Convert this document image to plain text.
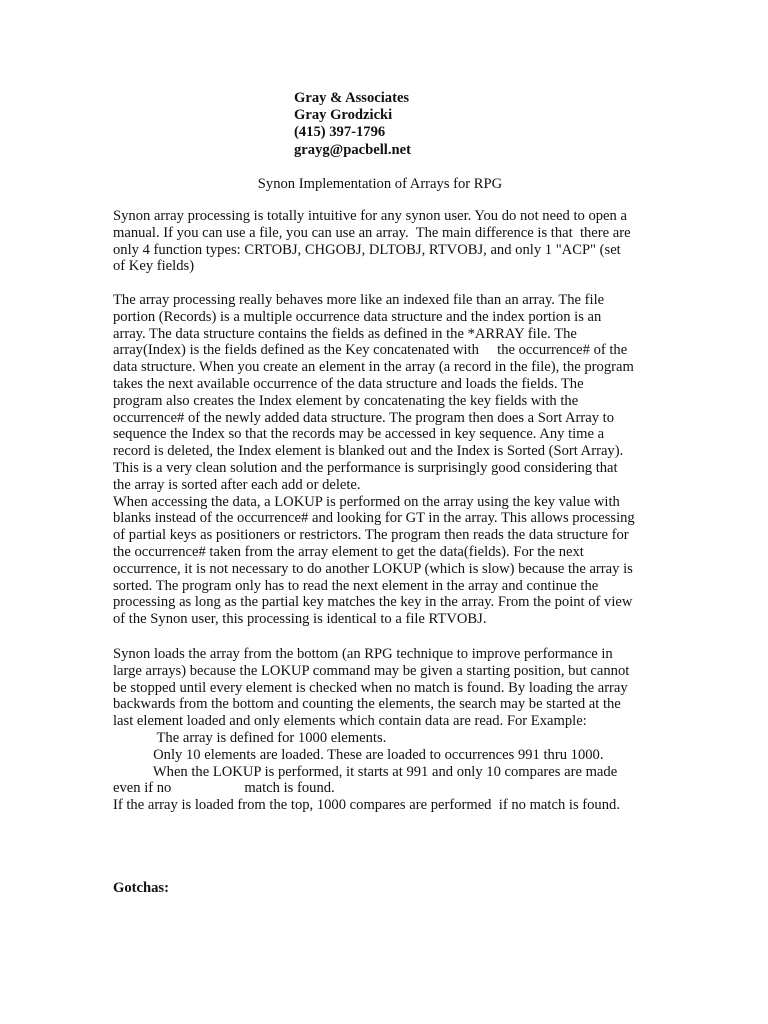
Gray & Associates
Gray Grodzicki
(415) 397-1796
grayg@pacbell.net
Synon Implementation of Arrays for RPG
Synon array processing is totally intuitive for any synon user. You do not need to open a
manual. If you can use a file, you can use an array.  The main difference is that  there are
only 4 function types: CRTOBJ, CHGOBJ, DLTOBJ, RTVOBJ, and only 1 "ACP" (set
of Key fields)
The array processing really behaves more like an indexed file than an array. The file
portion (Records) is a multiple occurrence data structure and the index portion is an
array. The data structure contains the fields as defined in the *ARRAY file. The
array(Index) is the fields defined as the Key concatenated with     the occurrence# of the
data structure. When you create an element in the array (a record in the file), the program
takes the next available occurrence of the data structure and loads the fields. The
program also creates the Index element by concatenating the key fields with the
occurrence# of the newly added data structure. The program then does a Sort Array to
sequence the Index so that the records may be accessed in key sequence. Any time a
record is deleted, the Index element is blanked out and the Index is Sorted (Sort Array).
This is a very clean solution and the performance is surprisingly good considering that
the array is sorted after each add or delete.
When accessing the data, a LOKUP is performed on the array using the key value with
blanks instead of the occurrence# and looking for GT in the array. This allows processing
of partial keys as positioners or restrictors. The program then reads the data structure for
the occurrence# taken from the array element to get the data(fields). For the next
occurrence, it is not necessary to do another LOKUP (which is slow) because the array is
sorted. The program only has to read the next element in the array and continue the
processing as long as the partial key matches the key in the array. From the point of view
of the Synon user, this processing is identical to a file RTVOBJ.
Synon loads the array from the bottom (an RPG technique to improve performance in
large arrays) because the LOKUP command may be given a starting position, but cannot
be stopped until every element is checked when no match is found. By loading the array
backwards from the bottom and counting the elements, the search may be started at the
last element loaded and only elements which contain data are read. For Example:
The array is defined for 1000 elements.
Only 10 elements are loaded. These are loaded to occurrences 991 thru 1000.
When the LOKUP is performed, it starts at 991 and only 10 compares are made
even if no                    match is found.
If the array is loaded from the top, 1000 compares are performed  if no match is found.
Gotchas:
